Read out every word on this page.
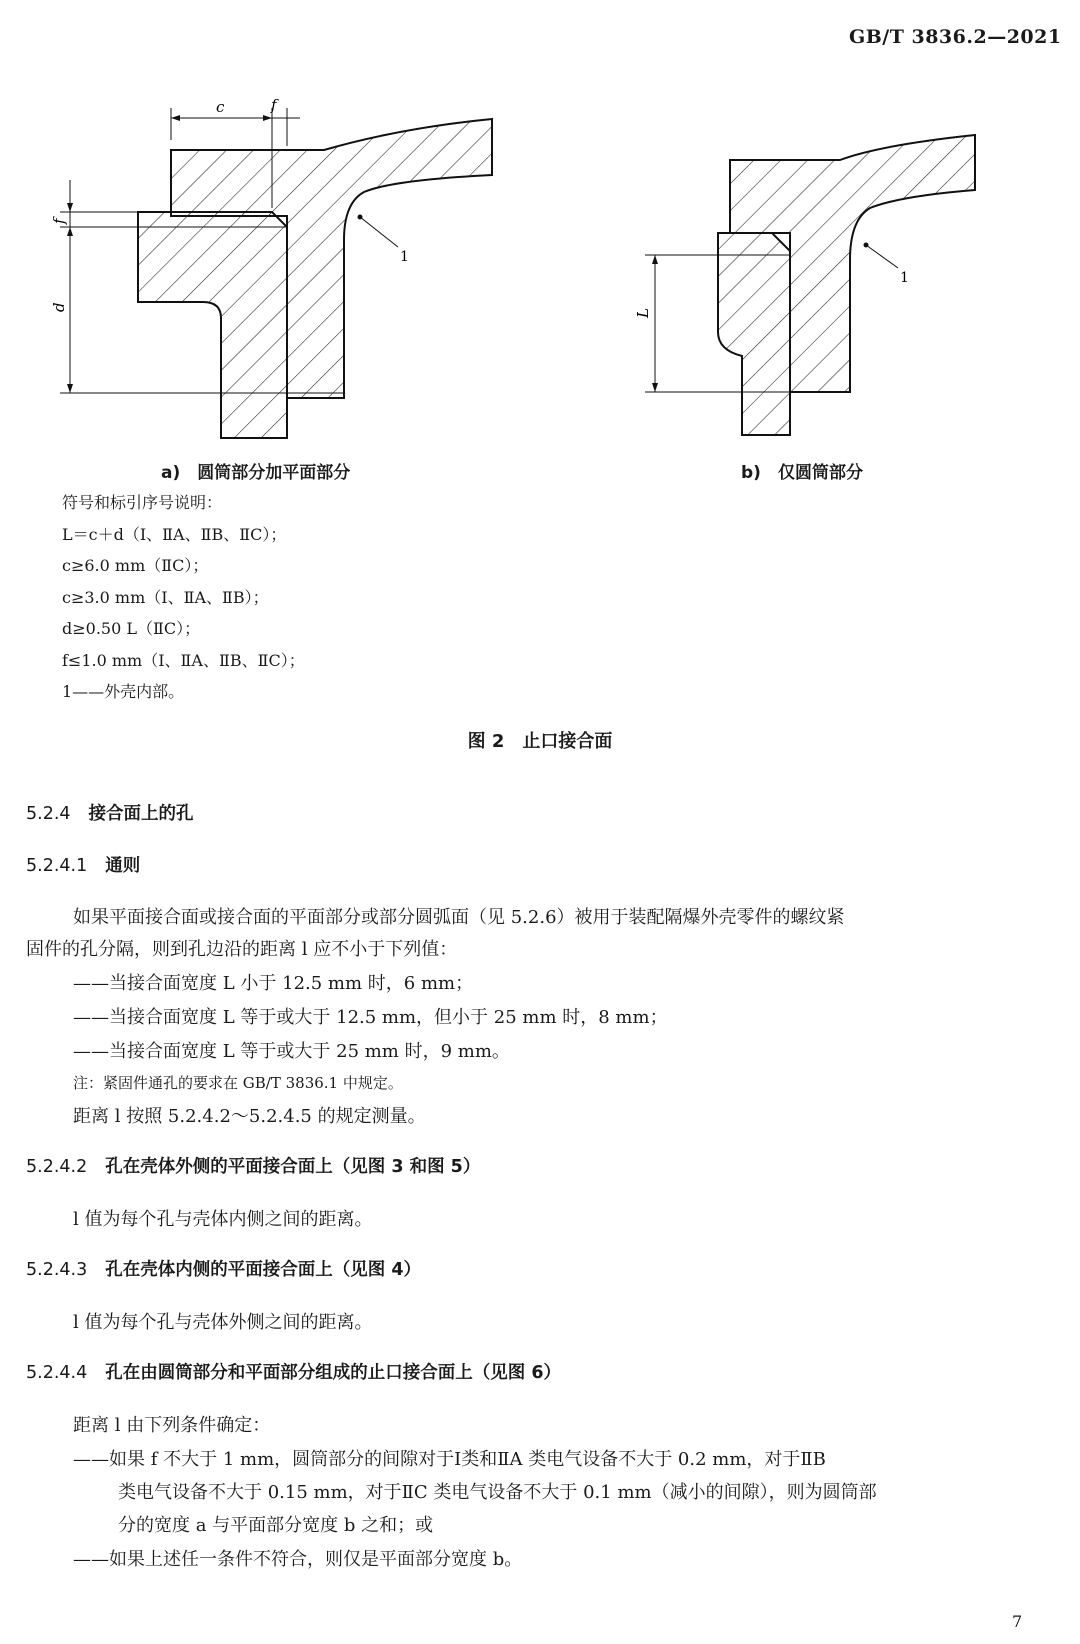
GB/T 3836.2—2021
c	f
f
d
1
L
1
a)　圆筒部分加平面部分	b)　仅圆筒部分
符号和标引序号说明：
L＝c＋d（Ⅰ、ⅡA、ⅡB、ⅡC）；
c≥6.0 mm（ⅡC）；
c≥3.0 mm（Ⅰ、ⅡA、ⅡB）；
d≥0.50 L（ⅡC）；
f≤1.0 mm（Ⅰ、ⅡA、ⅡB、ⅡC）；
1——外壳内部。
图 2　止口接合面
5.2.4 接合面上的孔
5.2.4.1 通则
如果平面接合面或接合面的平面部分或部分圆弧面（见 5.2.6）被用于装配隔爆外壳零件的螺纹紧
固件的孔分隔，则到孔边沿的距离 l 应不小于下列值：
——当接合面宽度 L 小于 12.5 mm 时，6 mm；
——当接合面宽度 L 等于或大于 12.5 mm，但小于 25 mm 时，8 mm；
——当接合面宽度 L 等于或大于 25 mm 时，9 mm。
注：紧固件通孔的要求在 GB/T 3836.1 中规定。
距离 l 按照 5.2.4.2～5.2.4.5 的规定测量。
5.2.4.2 孔在壳体外侧的平面接合面上（见图 3 和图 5）
l 值为每个孔与壳体内侧之间的距离。
5.2.4.3 孔在壳体内侧的平面接合面上（见图 4）
l 值为每个孔与壳体外侧之间的距离。
5.2.4.4 孔在由圆筒部分和平面部分组成的止口接合面上（见图 6）
距离 l 由下列条件确定：
——如果 f 不大于 1 mm，圆筒部分的间隙对于Ⅰ类和ⅡA 类电气设备不大于 0.2 mm，对于ⅡB
类电气设备不大于 0.15 mm，对于ⅡC 类电气设备不大于 0.1 mm（减小的间隙），则为圆筒部
分的宽度 a 与平面部分宽度 b 之和；或
——如果上述任一条件不符合，则仅是平面部分宽度 b。
7
